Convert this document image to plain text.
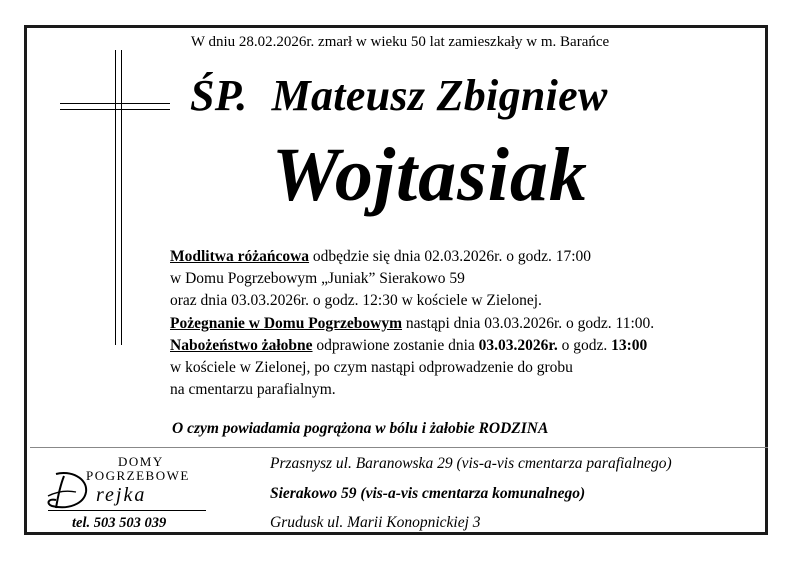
W dniu 28.02.2026r. zmarł w wieku 50 lat zamieszkały w m. Barańce
ŚP. Mateusz Zbigniew
Wojtasiak
Modlitwa różańcowa odbędzie się dnia 02.03.2026r. o godz. 17:00
w Domu Pogrzebowym „Juniak” Sierakowo 59
oraz dnia 03.03.2026r. o godz. 12:30 w kościele w Zielonej.
Pożegnanie w Domu Pogrzebowym nastąpi dnia 03.03.2026r. o godz. 11:00.
Nabożeństwo żałobne odprawione zostanie dnia 03.03.2026r. o godz. 13:00
w kościele w Zielonej, po czym nastąpi odprowadzenie do grobu
na cmentarzu parafialnym.
O czym powiadamia pogrążona w bólu i żałobie RODZINA
DOMY
POGRZEBOWE
rejka
tel. 503 503 039
Przasnysz ul. Baranowska 29 (vis-a-vis cmentarza parafialnego)
Sierakowo 59 (vis-a-vis cmentarza komunalnego)
Grudusk ul. Marii Konopnickiej 3
